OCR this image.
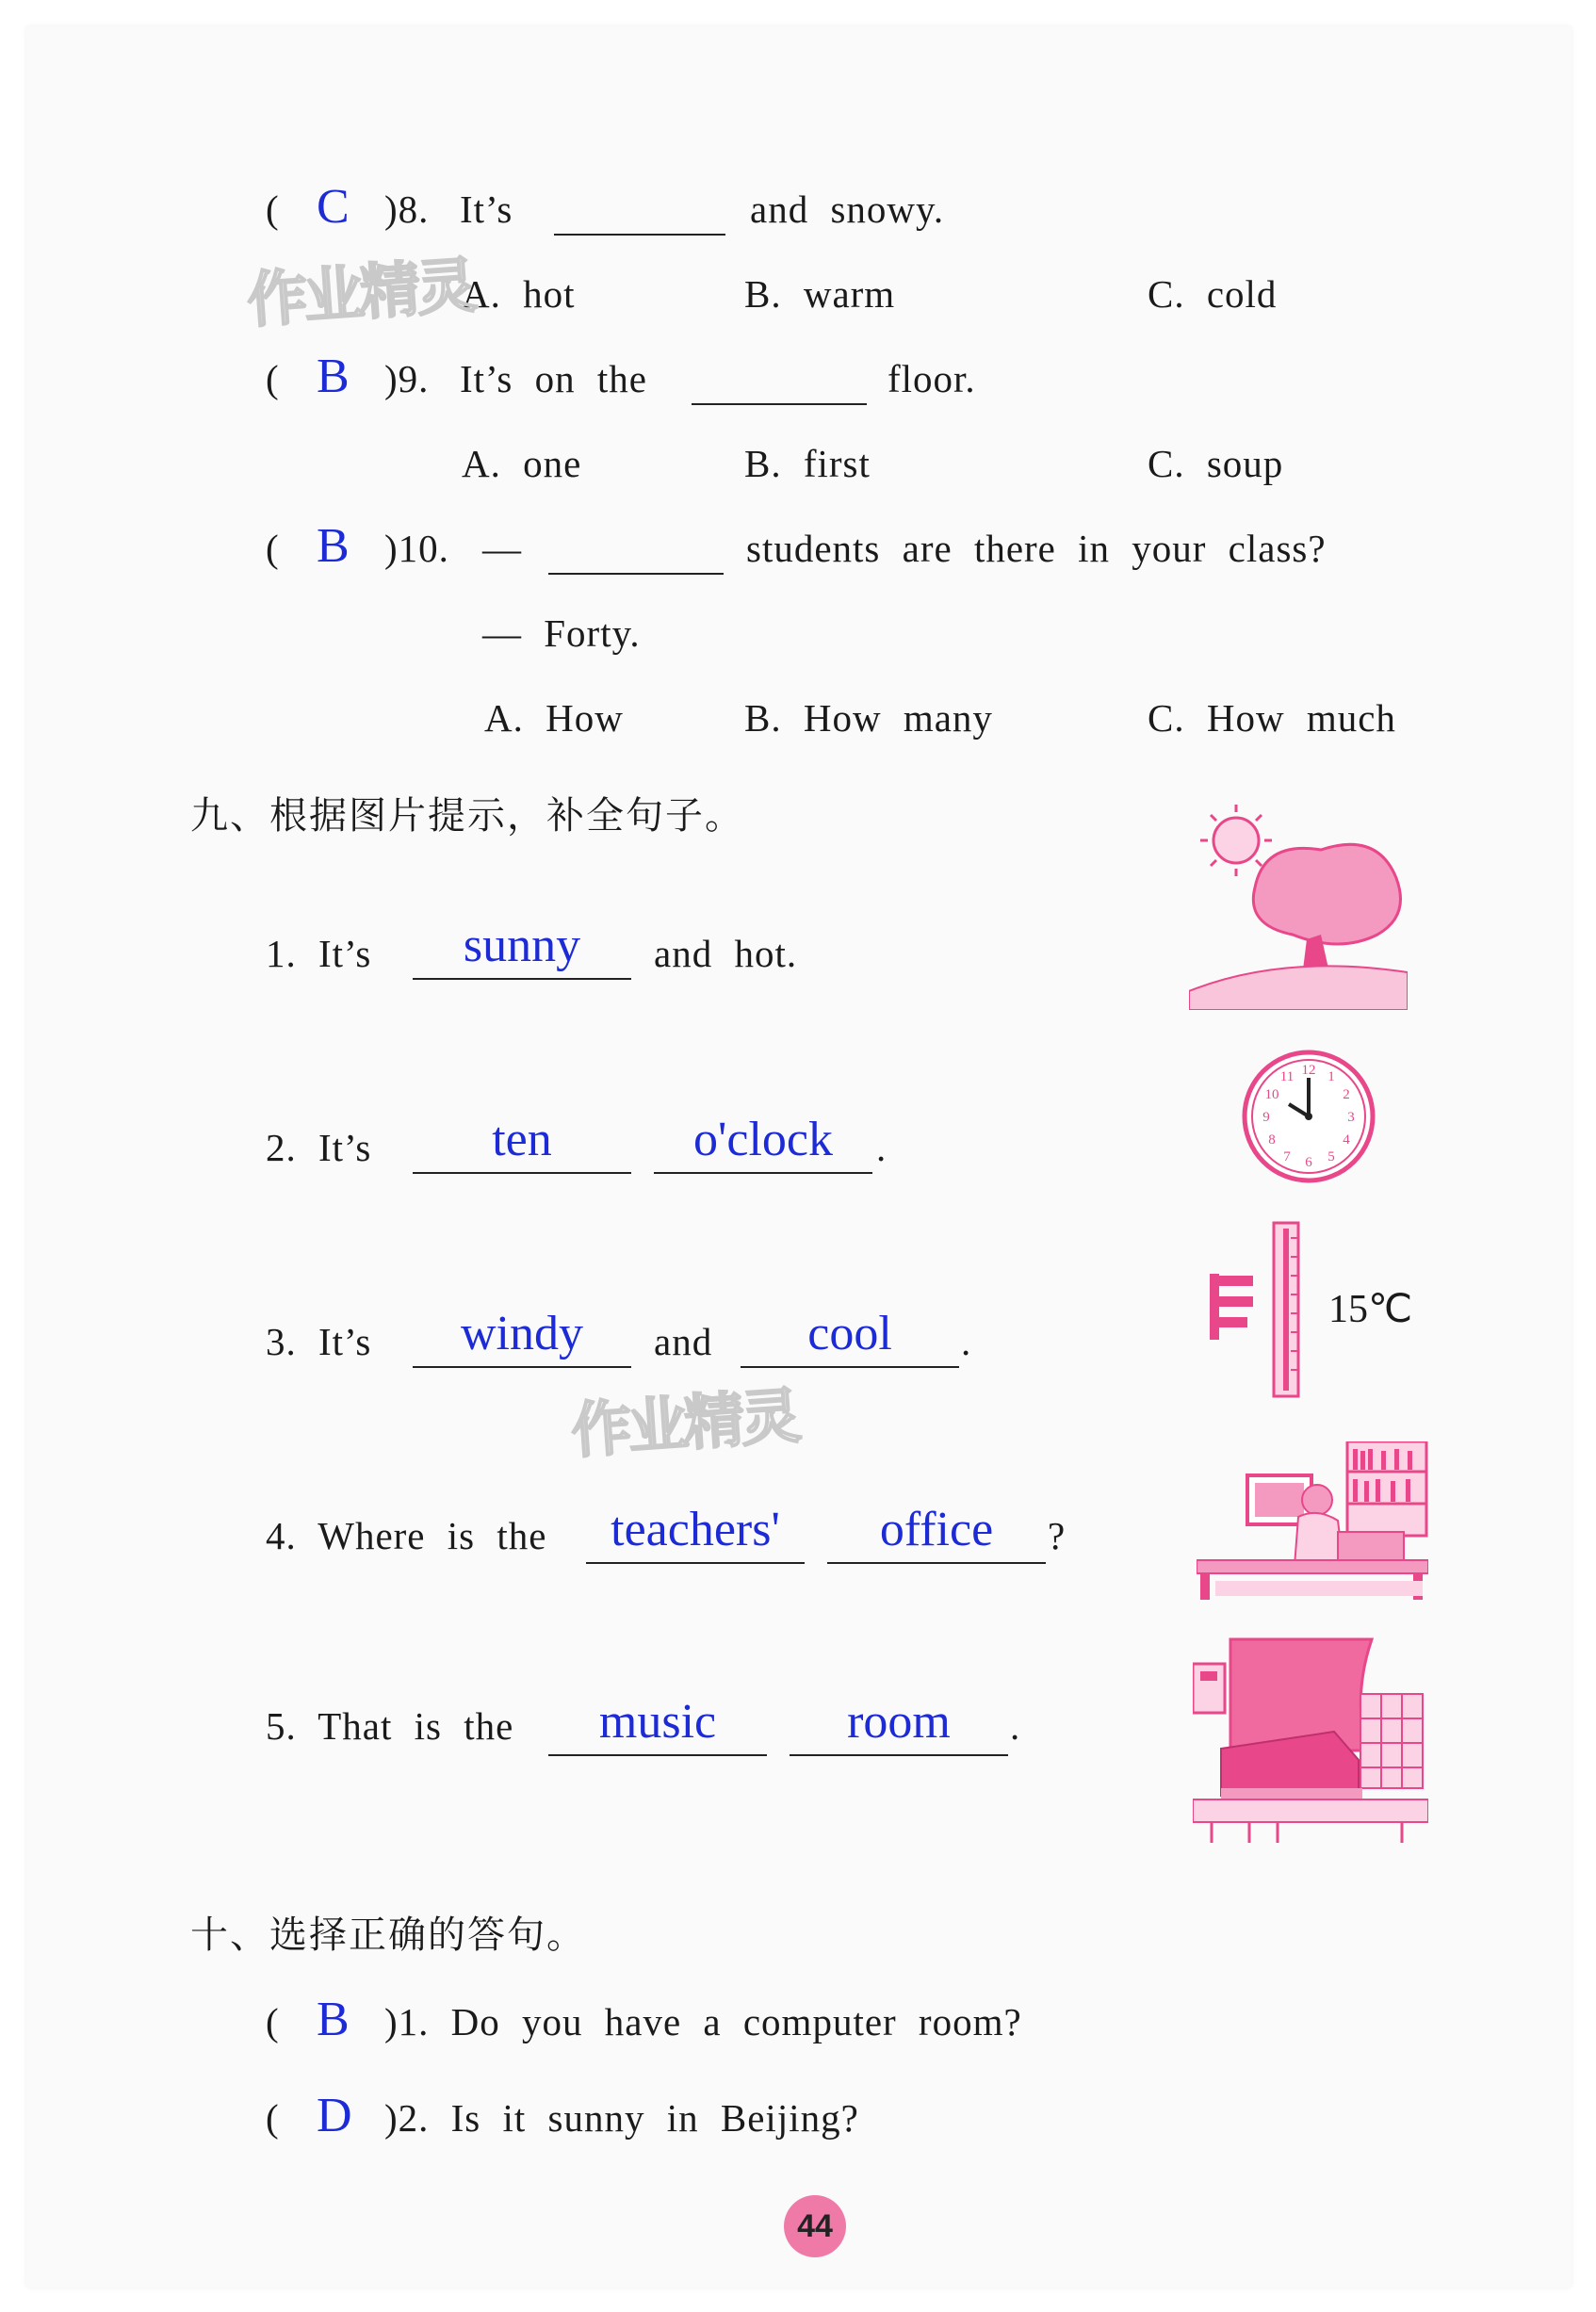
( C )8. It’s	and snowy.
A. hot	B. warm	C. cold
作业精灵
( B )9. It’s on the	floor.
A. one	B. first	C. soup
( B )10. —	students are there in your class?
— Forty.
A. How	B. How many	C. How much
九、根据图片提示，补全句子。
1. It’s	sunny	and hot.
2. It’s	ten	o'clock	.
12
3
6
9
1
2
4
5
7
8
10
11
3. It’s	windy	and	cool	.
作业精灵
15℃
4. Where is the	teachers'	office	?
5. That is the	music	room	.
十、选择正确的答句。
( B )1. Do you have a computer room?
( D )2. Is it sunny in Beijing?
44
